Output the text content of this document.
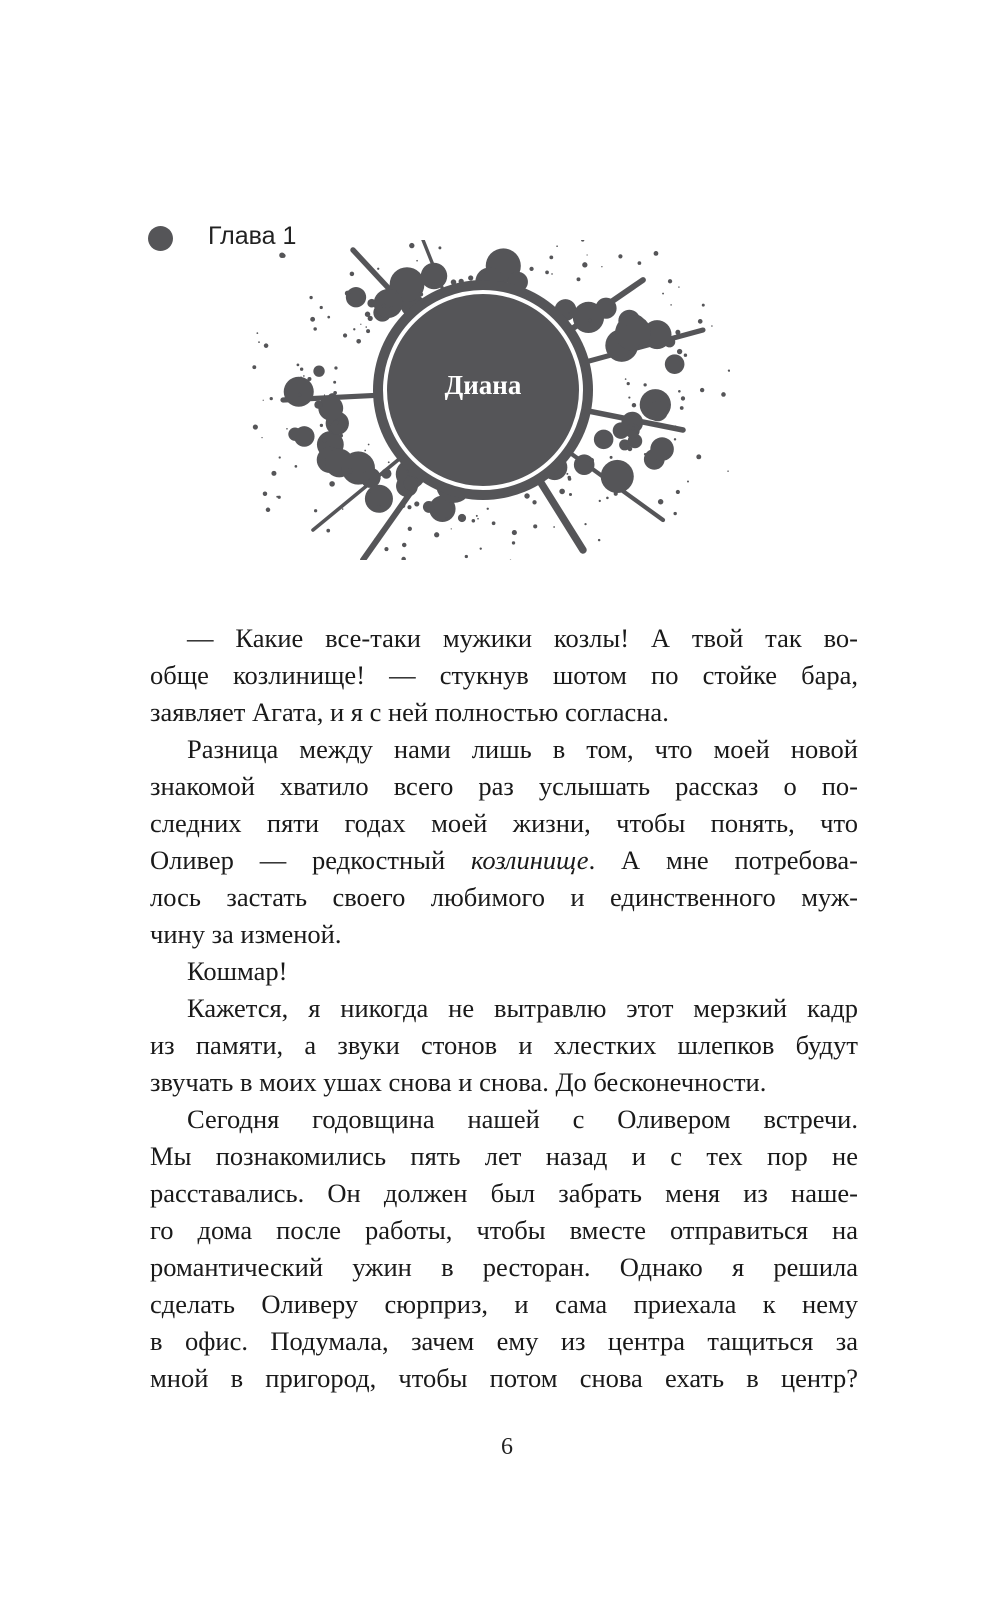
Глава 1
Диана
— Какие все-таки мужики козлы! А твой так во-
обще козлинище! — стукнув шотом по стойке бара,
заявляет Агата, и я с ней полностью согласна.
Разница между нами лишь в том, что моей новой
знакомой хватило всего раз услышать рассказ о по-
следних пяти годах моей жизни, чтобы понять, что
Оливер — редкостный козлинище. А мне потребова-
лось застать своего любимого и единственного муж-
чину за изменой.
Кошмар!
Кажется, я никогда не вытравлю этот мерзкий кадр
из памяти, а звуки стонов и хлестких шлепков будут
звучать в моих ушах снова и снова. До бесконечности.
Сегодня годовщина нашей с Оливером встречи.
Мы познакомились пять лет назад и с тех пор не
расставались. Он должен был забрать меня из наше-
го дома после работы, чтобы вместе отправиться на
романтический ужин в ресторан. Однако я решила
сделать Оливеру сюрприз, и сама приехала к нему
в офис. Подумала, зачем ему из центра тащиться за
мной в пригород, чтобы потом снова ехать в центр?
6
